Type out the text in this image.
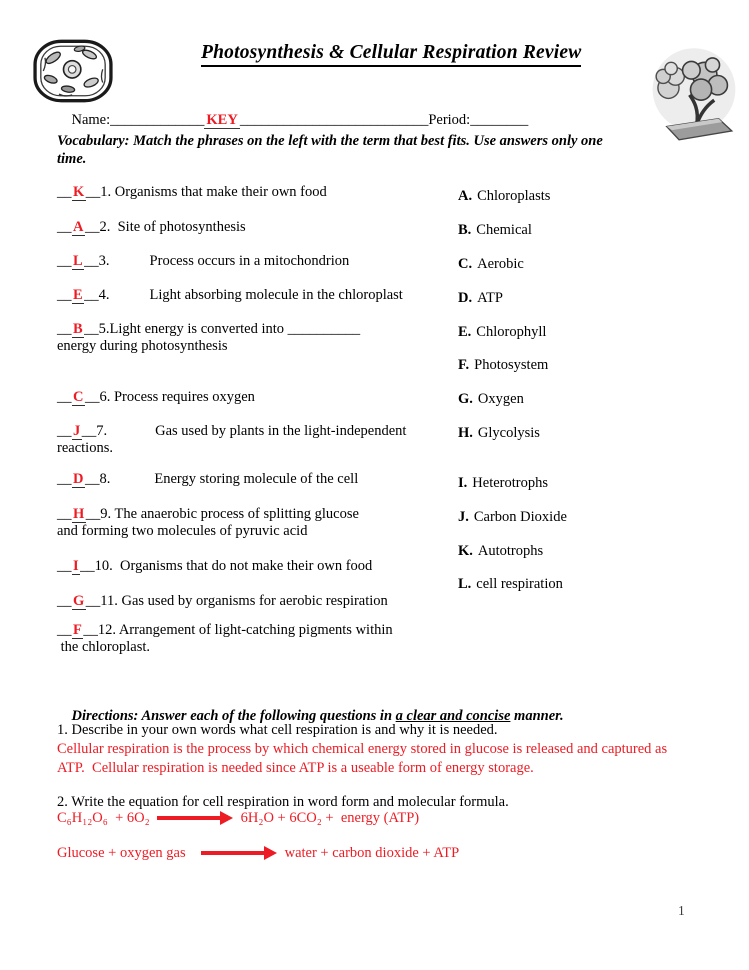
Photosynthesis & Cellular Respiration Review

Name:_____________ KEY __________________________Period:________

Vocabulary: Match the phrases on the left with the term that best fits. Use answers only one
time.
__ K __1. Organisms that make their own food
__ A __2.  Site of photosynthesis
__ L __3.	Process occurs in a mitochondrion
__ E __4.	Light absorbing molecule in the chloroplast
__ B __5.Light energy is converted into __________
energy during photosynthesis
__ C __6. Process requires oxygen
__ J __7.	Gas used by plants in the light-independent
reactions.
__ D __8.	Energy storing molecule of the cell
__ H __9. The anaerobic process of splitting glucose
and forming two molecules of pyruvic acid
__ I __10.  Organisms that do not make their own food
__ G __11. Gas used by organisms for aerobic respiration
__ F __12. Arrangement of light-catching pigments within
the chloroplast.
A. Chloroplasts
B. Chemical
C. Aerobic
D. ATP
E. Chlorophyll
F. Photosystem
G. Oxygen
H. Glycolysis
I. Heterotrophs
J. Carbon Dioxide
K. Autotrophs
L. cell respiration

Directions: Answer each of the following questions in a clear and concise manner.

1. Describe in your own words what cell respiration is and why it is needed.
Cellular respiration is the process by which chemical energy stored in glucose is released and captured as
ATP.  Cellular respiration is needed since ATP is a useable form of energy storage.
2. Write the equation for cell respiration in word form and molecular formula.
C₆H₁₂O₆  + 6O₂	6H₂O + 6CO₂ +  energy (ATP)
Glucose + oxygen gas	water + carbon dioxide + ATP
1
